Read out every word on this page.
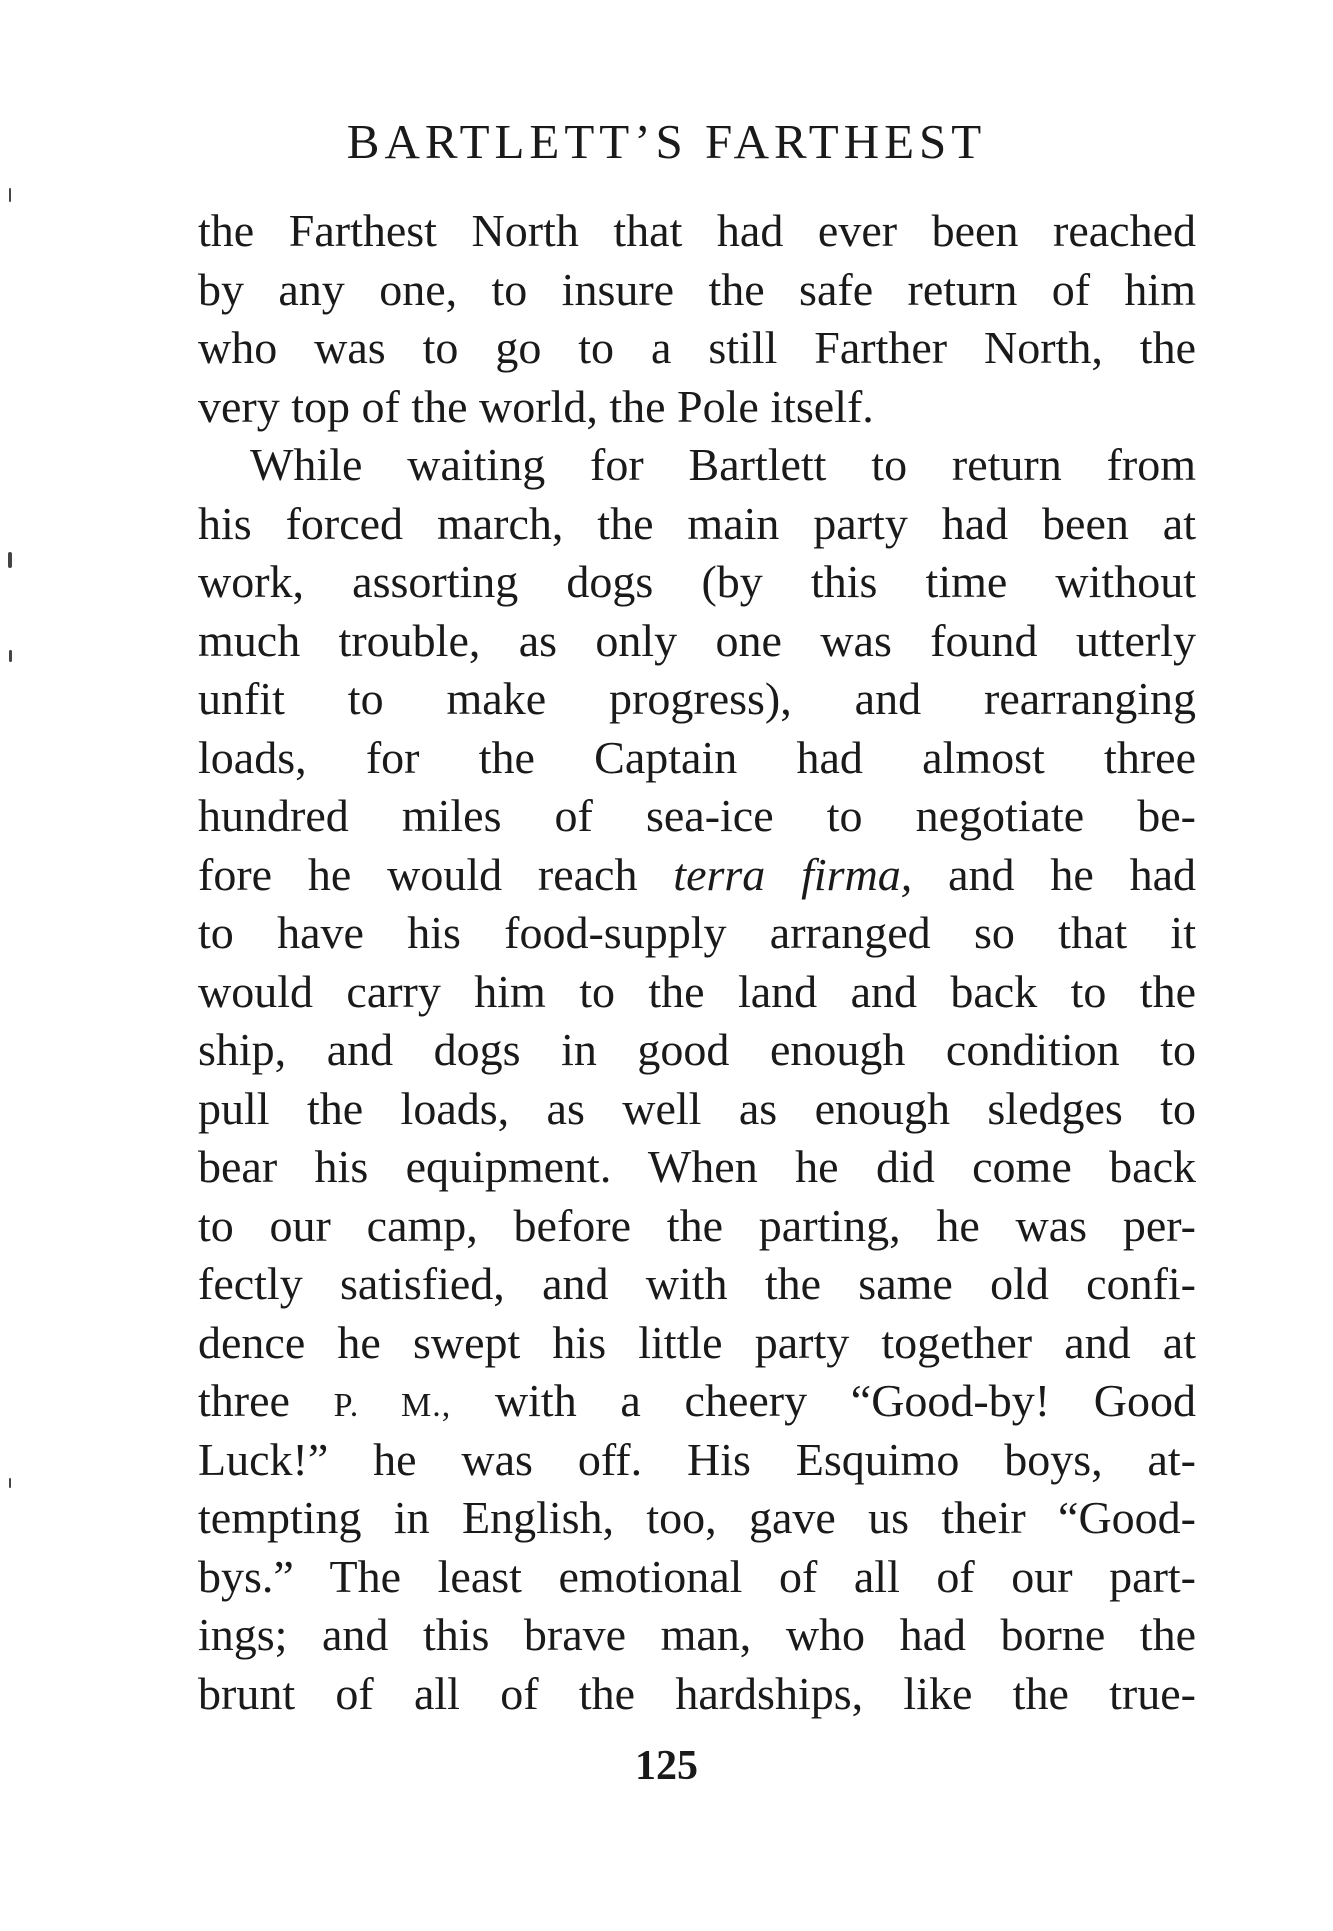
BARTLETT’S FARTHEST
the Farthest North that had ever been reached
by any one, to insure the safe return of him
who was to go to a still Farther North, the
very top of the world, the Pole itself.
While waiting for Bartlett to return from
his forced march, the main party had been at
work, assorting dogs (by this time without
much trouble, as only one was found utterly
unfit to make progress), and rearranging
loads, for the Captain had almost three
hundred miles of sea-ice to negotiate be-
fore he would reach terra firma, and he had
to have his food-supply arranged so that it
would carry him to the land and back to the
ship, and dogs in good enough condition to
pull the loads, as well as enough sledges to
bear his equipment. When he did come back
to our camp, before the parting, he was per-
fectly satisfied, and with the same old confi-
dence he swept his little party together and at
three P. M., with a cheery “Good-by! Good
Luck!” he was off. His Esquimo boys, at-
tempting in English, too, gave us their “Good-
bys.” The least emotional of all of our part-
ings; and this brave man, who had borne the
brunt of all of the hardships, like the true-
125
